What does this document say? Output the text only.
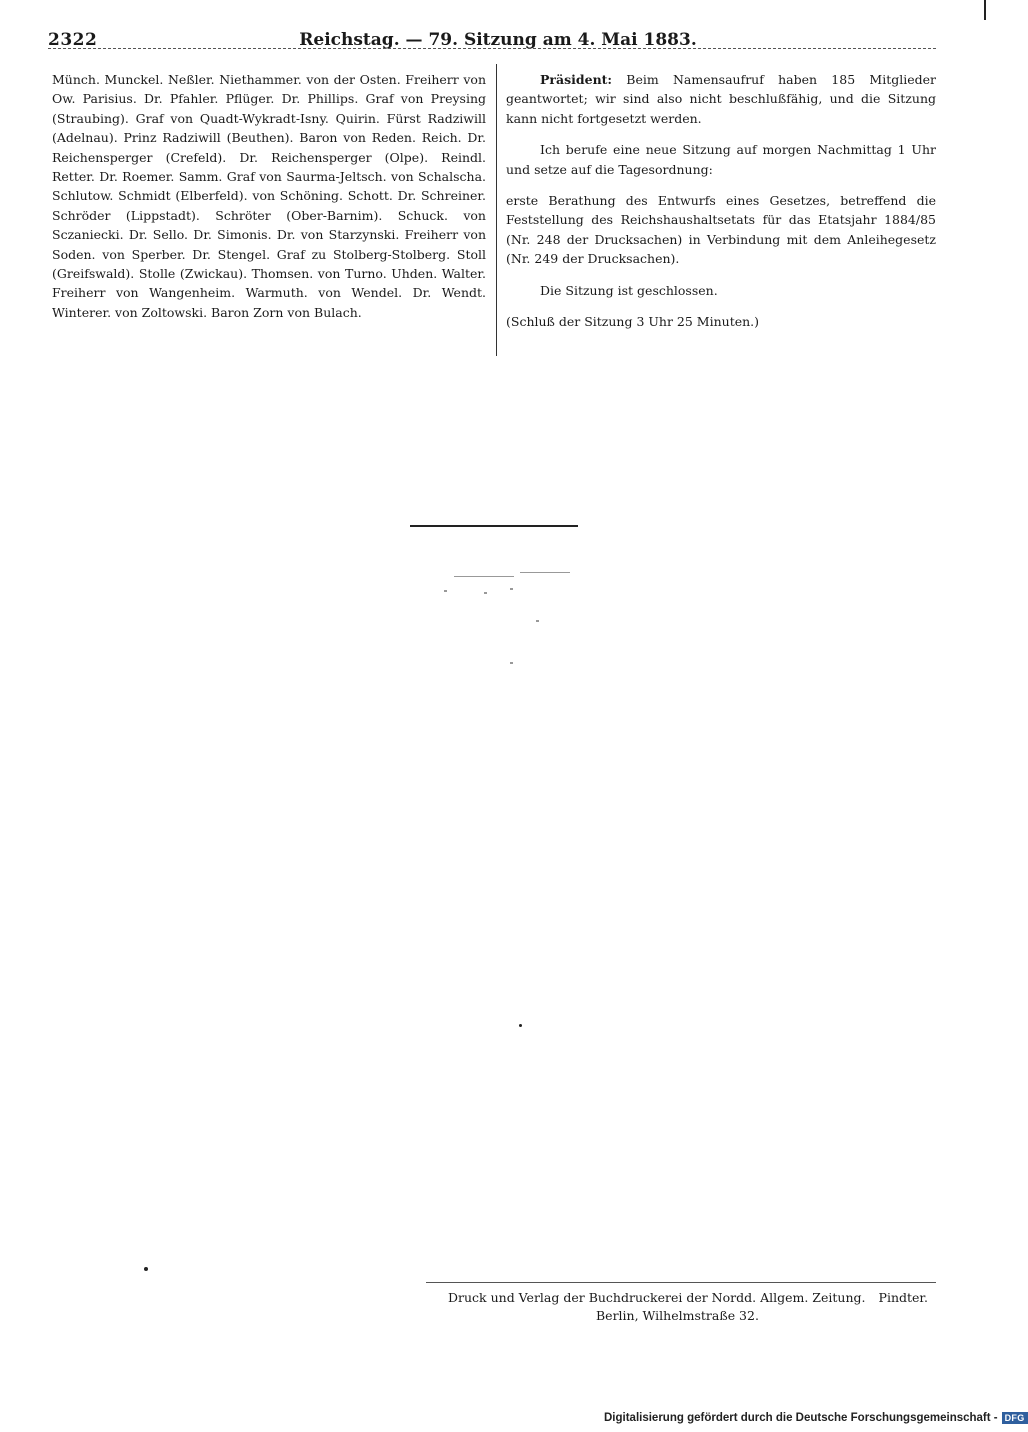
2322	Reichstag. — 79. Sitzung am 4. Mai 1883.
Münch. Munckel. Neßler. Niethammer. von der Osten. Freiherr von Ow. Parisius. Dr. Pfahler. Pflüger. Dr. Phillips. Graf von Preysing (Straubing). Graf von Quadt-Wykradt-Isny. Quirin. Fürst Radziwill (Adelnau). Prinz Radziwill (Beuthen). Baron von Reden. Reich. Dr. Reichensperger (Crefeld). Dr. Reichensperger (Olpe). Reindl. Retter. Dr. Roemer. Samm. Graf von Saurma-Jeltsch. von Schalscha. Schlutow. Schmidt (Elberfeld). von Schöning. Schott. Dr. Schreiner. Schröder (Lippstadt). Schröter (Ober-Barnim). Schuck. von Sczaniecki. Dr. Sello. Dr. Simonis. Dr. von Starzynski. Freiherr von Soden. von Sperber. Dr. Stengel. Graf zu Stolberg-Stolberg. Stoll (Greifswald). Stolle (Zwickau). Thomsen. von Turno. Uhden. Walter. Freiherr von Wangenheim. Warmuth. von Wendel. Dr. Wendt. Winterer. von Zoltowski. Baron Zorn von Bulach.

Präsident: Beim Namensaufruf haben 185 Mitglieder geantwortet; wir sind also nicht beschlußfähig, und die Sitzung kann nicht fortgesetzt werden.

Ich berufe eine neue Sitzung auf morgen Nachmittag 1 Uhr und setze auf die Tagesordnung:

erste Berathung des Entwurfs eines Gesetzes, betreffend die Feststellung des Reichshaushaltsetats für das Etatsjahr 1884/85 (Nr. 248 der Drucksachen) in Verbindung mit dem Anleihegesetz (Nr. 249 der Drucksachen).

Die Sitzung ist geschlossen.

(Schluß der Sitzung 3 Uhr 25 Minuten.)

Druck und Verlag der Buchdruckerei der Nordd. Allgem. Zeitung. Pindter.
Berlin, Wilhelmstraße 32.
Digitalisierung gefördert durch die Deutsche Forschungsgemeinschaft - DFG
